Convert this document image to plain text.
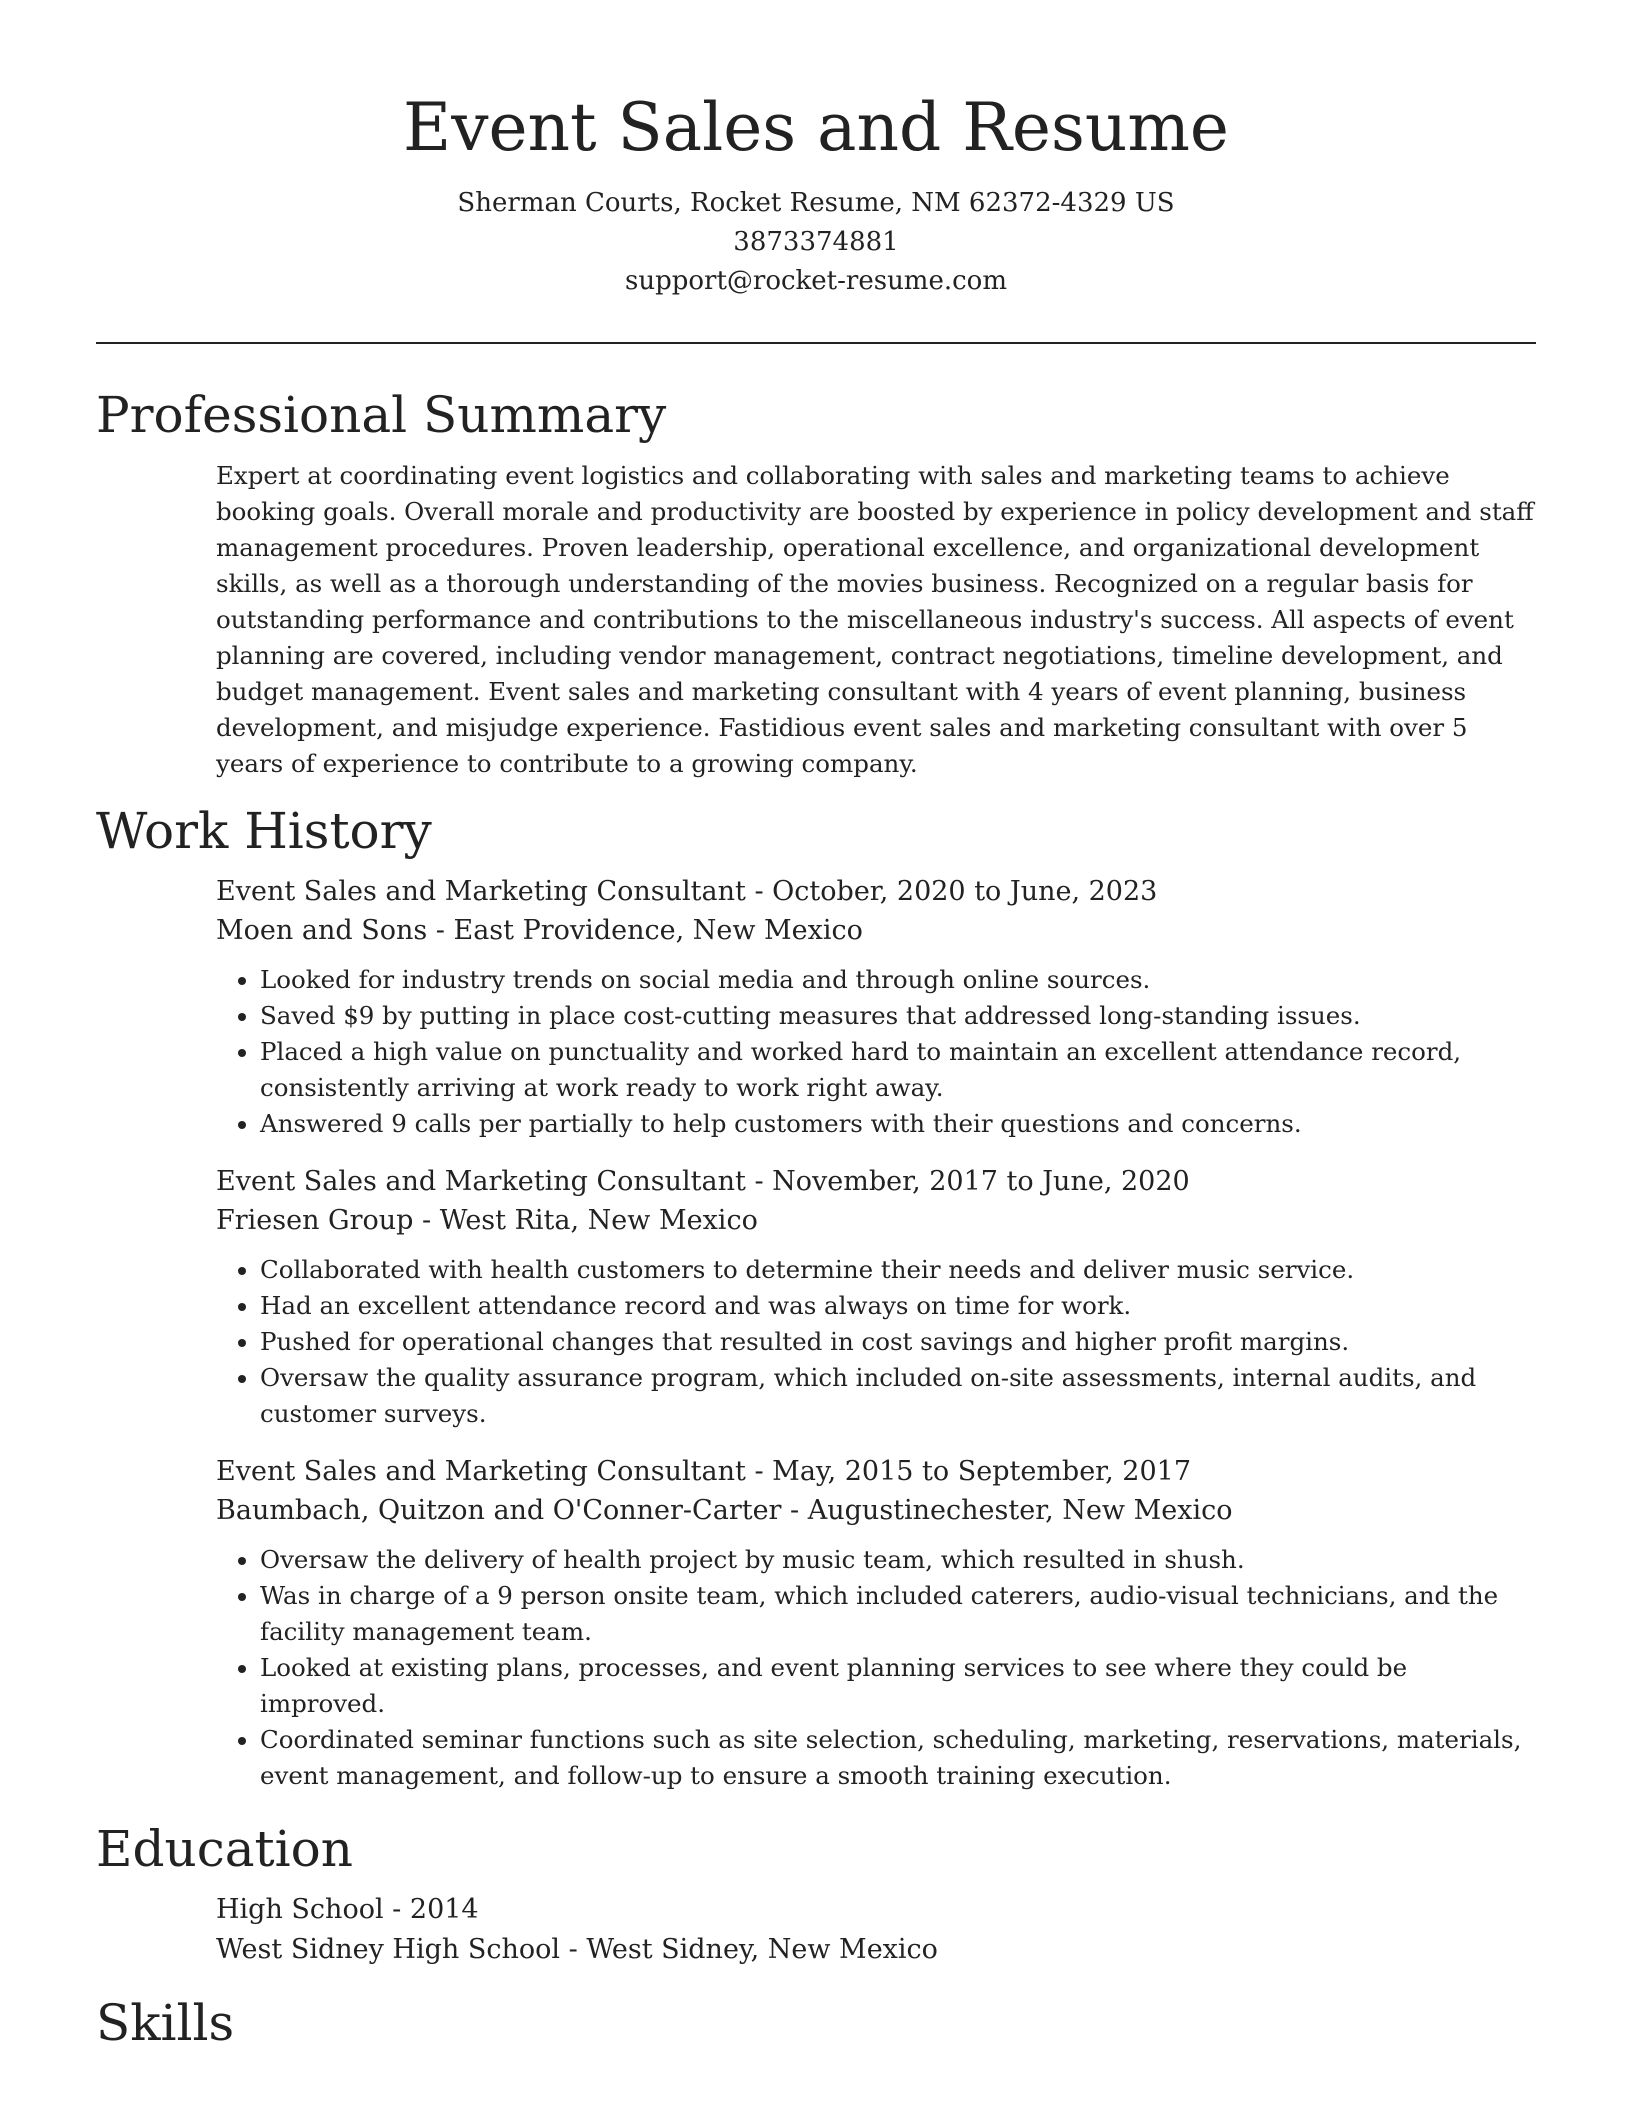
Event Sales and Resume
Sherman Courts, Rocket Resume, NM 62372-4329 US
3873374881
support@rocket-resume.com
Professional Summary

Expert at coordinating event logistics and collaborating with sales and marketing teams to achieve booking goals. Overall morale and productivity are boosted by experience in policy development and staff management procedures. Proven leadership, operational excellence, and organizational development skills, as well as a thorough understanding of the movies business. Recognized on a regular basis for outstanding performance and contributions to the miscellaneous industry's success. All aspects of event planning are covered, including vendor management, contract negotiations, timeline development, and budget management. Event sales and marketing consultant with 4 years of event planning, business development, and misjudge experience. Fastidious event sales and marketing consultant with over 5 years of experience to contribute to a growing company.

Work History
Event Sales and Marketing Consultant - October, 2020 to June, 2023
Moen and Sons - East Providence, New Mexico
• Looked for industry trends on social media and through online sources.
• Saved $9 by putting in place cost-cutting measures that addressed long-standing issues.
• Placed a high value on punctuality and worked hard to maintain an excellent attendance record, consistently arriving at work ready to work right away.
• Answered 9 calls per partially to help customers with their questions and concerns.
Event Sales and Marketing Consultant - November, 2017 to June, 2020
Friesen Group - West Rita, New Mexico
• Collaborated with health customers to determine their needs and deliver music service.
• Had an excellent attendance record and was always on time for work.
• Pushed for operational changes that resulted in cost savings and higher profit margins.
• Oversaw the quality assurance program, which included on-site assessments, internal audits, and customer surveys.
Event Sales and Marketing Consultant - May, 2015 to September, 2017
Baumbach, Quitzon and O'Conner-Carter - Augustinechester, New Mexico
• Oversaw the delivery of health project by music team, which resulted in shush.
• Was in charge of a 9 person onsite team, which included caterers, audio-visual technicians, and the facility management team.
• Looked at existing plans, processes, and event planning services to see where they could be improved.
• Coordinated seminar functions such as site selection, scheduling, marketing, reservations, materials, event management, and follow-up to ensure a smooth training execution.
Education
High School - 2014
West Sidney High School - West Sidney, New Mexico
Skills
